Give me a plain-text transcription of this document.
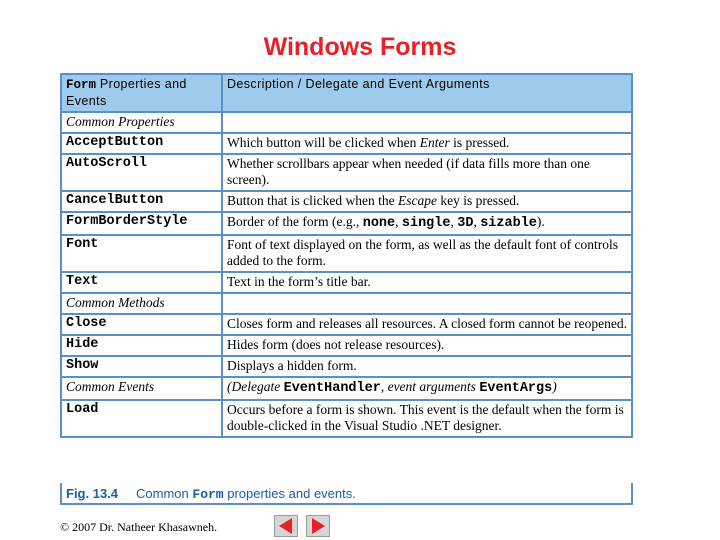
Windows Forms
Form Properties and Events	Description / Delegate and Event Arguments
Common Properties	
AcceptButton	Which button will be clicked when Enter is pressed.
AutoScroll	Whether scrollbars appear when needed (if data fills more than one screen).
CancelButton	Button that is clicked when the Escape key is pressed.
FormBorderStyle	Border of the form (e.g., none, single, 3D, sizable).
Font	Font of text displayed on the form, as well as the default font of controls added to the form.
Text	Text in the form’s title bar.
Common Methods	
Close	Closes form and releases all resources. A closed form cannot be reopened.
Hide	Hides form (does not release resources).
Show	Displays a hidden form.
Common Events	(Delegate EventHandler, event arguments EventArgs)
Load	Occurs before a form is shown. This event is the default when the form is double-clicked in the Visual Studio .NET designer.
Fig. 13.4 Common Form properties and events.
© 2007 Dr. Natheer Khasawneh.
